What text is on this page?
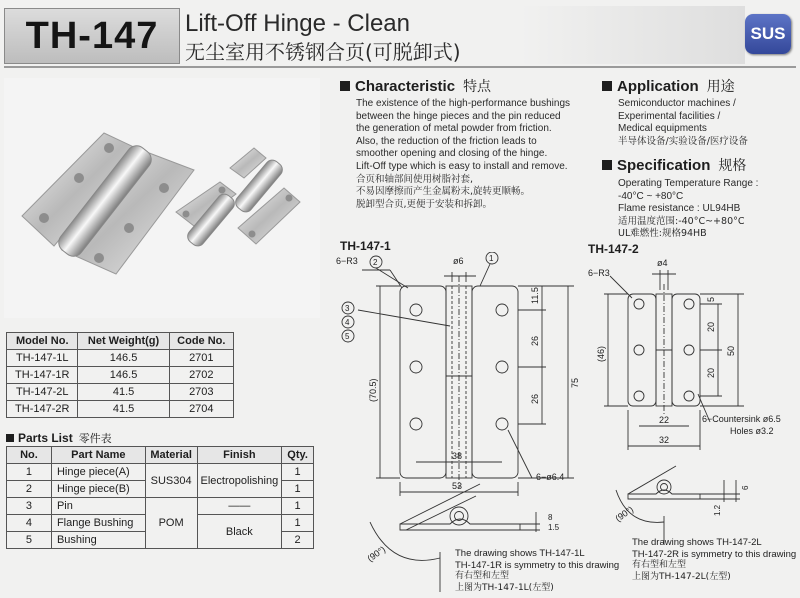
TH-147 Lift-Off Hinge - Clean
无尘室用不锈钢合页(可脱卸式)
SUS
Model No.	Net Weight(g)	Code No.
TH-147-1L	146.5	2701
TH-147-1R	146.5	2702
TH-147-2L	41.5	2703
TH-147-2R	41.5	2704
Parts List 零件表
No.	Part Name	Material	Finish	Qty.
1	Hinge piece(A)	SUS304	Electropolishing	1
2	Hinge piece(B)			1
3	Pin	POM	——	1
4	Flange Bushing		Black	1
5	Bushing			2
Characteristic 特点
The existence of the high-performance bushings
between the hinge pieces and the pin reduced
the generation of metal powder from friction.
Also, the reduction of the friction leads to
smoother opening and closing of the hinge.
Lift-Off type which is easy to install and remove.
合页和轴部间使用树脂衬套,
不易因摩擦而产生金属粉末,旋转更顺畅。
脱卸型合页,更便于安装和拆卸。
Application 用途
Semiconductor machines /
Experimental facilities /
Medical equipments
半导体设备/实验设备/医疗设备
Specification 规格
Operating Temperature Range :
-40°C ~ +80°C
Flame resistance : UL94HB
适用温度范围:-40°C~+80°C
UL难燃性:规格94HB
TH-147-1
6−R3 2	1
3
4
5
ø6
11.5
26
26
75
(70.5)
38
53
6−ø6.4
1.5
8
(90°)	The drawing shows TH-147-1L
TH-147-1R is symmetry to this drawing
有右型和左型
上图为TH-147-1L(左型)
TH-147-2
6−R3
ø4
5
20
20
50
(46)
22
32
6−Countersink ø6.5
Holes ø3.2
6
1.2
(90°)
The drawing shows TH-147-2L
TH-147-2R is symmetry to this drawing
有右型和左型
上图为TH-147-2L(左型)
